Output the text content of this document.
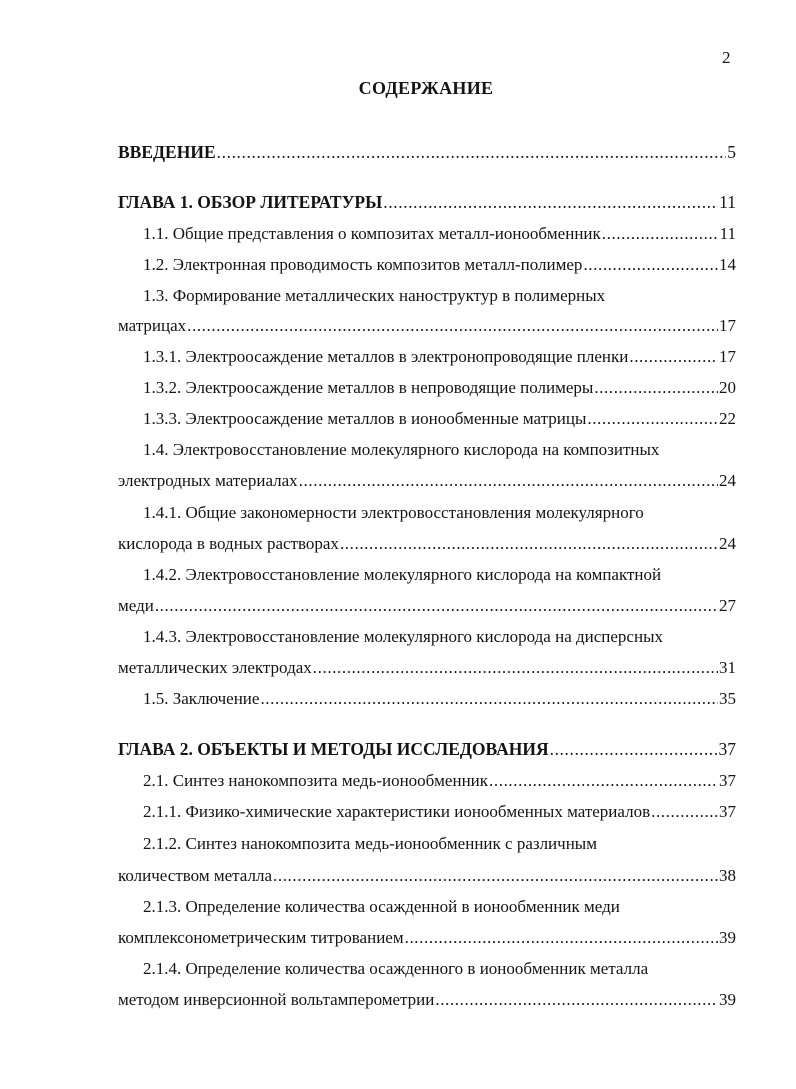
2
СОДЕРЖАНИЕ
ВВЕДЕНИЕ .....	5
ГЛАВА 1. ОБЗОР ЛИТЕРАТУРЫ .....	11
1.1. Общие представления о композитах металл-ионообменник .....	11
1.2. Электронная проводимость композитов металл-полимер .....	14
1.3. Формирование металлических наноструктур в полимерных
матрицах .....	17
1.3.1. Электроосаждение металлов в электронопроводящие пленки .....	17
1.3.2. Электроосаждение металлов в непроводящие полимеры .....	20
1.3.3. Электроосаждение металлов в ионообменные матрицы .....	22
1.4. Электровосстановление молекулярного кислорода на композитных
электродных материалах .....	24
1.4.1. Общие закономерности электровосстановления молекулярного
кислорода в водных растворах .....	24
1.4.2. Электровосстановление молекулярного кислорода на компактной
меди .....	27
1.4.3. Электровосстановление молекулярного кислорода на дисперсных
металлических электродах .....	31
1.5. Заключение .....	35
ГЛАВА 2. ОБЪЕКТЫ И МЕТОДЫ ИССЛЕДОВАНИЯ .....	37
2.1. Синтез нанокомпозита медь-ионообменник .....	37
2.1.1. Физико-химические характеристики ионообменных материалов .....	37
2.1.2. Синтез нанокомпозита медь-ионообменник с различным
количеством металла .....	38
2.1.3. Определение количества осажденной в ионообменник меди
комплексонометрическим титрованием .....	39
2.1.4. Определение количества осажденного в ионообменник металла
методом инверсионной вольтамперометрии .....	39
